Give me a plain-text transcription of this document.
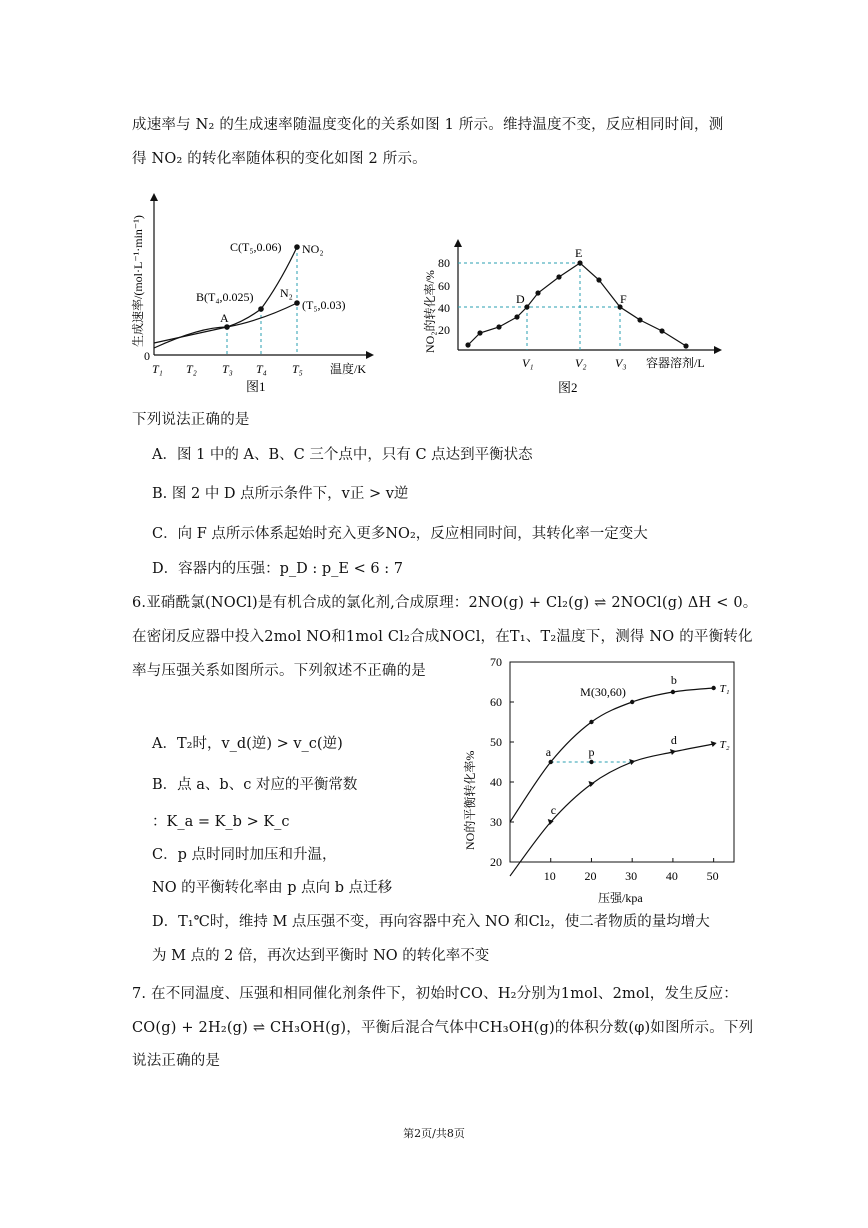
成速率与 N₂ 的生成速率随温度变化的关系如图 1 所示。维持温度不变，反应相同时间，测
得 NO₂ 的转化率随体积的变化如图 2 所示。
生成速率/(mol·L⁻¹·min⁻¹)
0
温度/K
T₁ T₂ T₃ T₄ T₅
A
B(T₄,0.025)
C(T₅,0.06) NO₂
N₂
(T₅,0.03)
图1
NO₂的转化率/% 20
40
60
80
D
E
F
V₁	V₂ V₃ 容器溶剂/L
图2
下列说法正确的是
A．图 1 中的 A、B、C 三个点中，只有 C 点达到平衡状态
B. 图 2 中 D 点所示条件下，v正 > v逆
C．向 F 点所示体系起始时充入更多NO₂，反应相同时间，其转化率一定变大
D．容器内的压强：p_D : p_E < 6 : 7
6.亚硝酰氯(NOCl)是有机合成的氯化剂,合成原理：2NO(g) + Cl₂(g) ⇌ 2NOCl(g) ΔH < 0。
在密闭反应器中投入2mol NO和1mol Cl₂合成NOCl，在T₁、T₂温度下，测得 NO 的平衡转化
率与压强关系如图所示。下列叙述不正确的是
A．T₂时，v_d(逆) > v_c(逆)
B．点 a、b、c 对应的平衡常数
：K_a = K_b > K_c
C．p 点时同时加压和升温，
NO 的平衡转化率由 p 点向 b 点迁移
D．T₁℃时，维持 M 点压强不变，再向容器中充入 NO 和Cl₂，使二者物质的量均增大
为 M 点的 2 倍，再次达到平衡时 NO 的转化率不变
NO的平衡转化率%
压强/kpa
20
30
40
50
60
70
10 20 30 40 50
M(30,60)
a
b
c
d
p
T₁
T₂
7. 在不同温度、压强和相同催化剂条件下，初始时CO、H₂分别为1mol、2mol，发生反应：
CO(g) + 2H₂(g) ⇌ CH₃OH(g)，平衡后混合气体中CH₃OH(g)的体积分数(φ)如图所示。下列
说法正确的是
第2页/共8页
